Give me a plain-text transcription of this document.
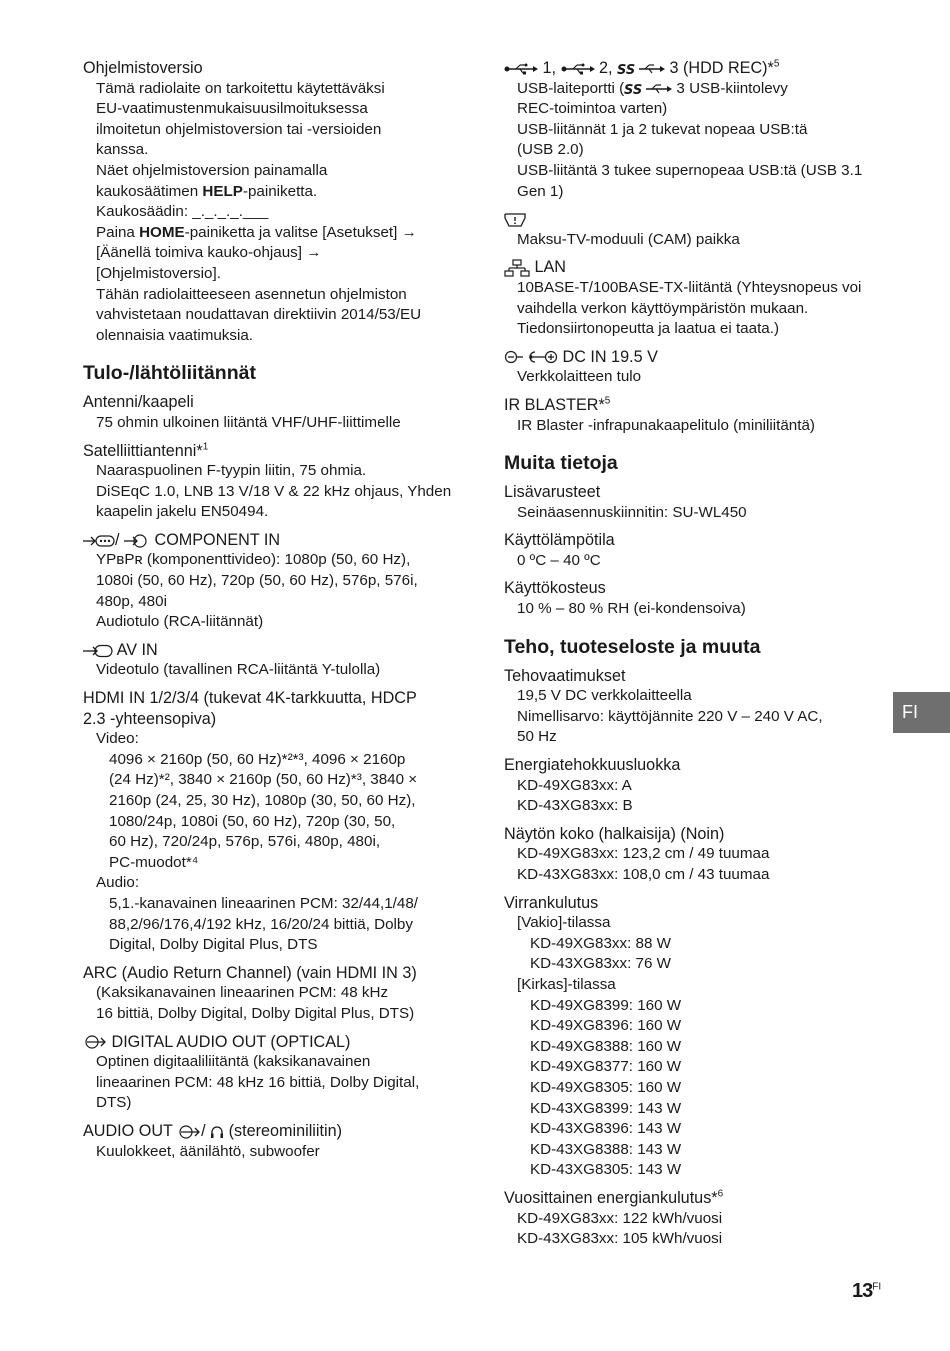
Ohjelmistoversio

Tämä radiolaite on tarkoitettu käytettäväksi

EU-vaatimustenmukaisuusilmoituksessa

ilmoitetun ohjelmistoversion tai -versioiden

kanssa.

Näet ohjelmistoversion painamalla

kaukosäätimen HELP-painiketta.

Kaukosäädin: _._._._.___

Paina HOME-painiketta ja valitse [Asetukset] →

[Äänellä toimiva kauko-ohjaus] →

[Ohjelmistoversio].

Tähän radiolaitteeseen asennetun ohjelmiston

vahvistetaan noudattavan direktiivin 2014/53/EU

olennaisia vaatimuksia.

Tulo-/lähtöliitännät
Antenni/kaapeli

75 ohmin ulkoinen liitäntä VHF/UHF-liittimelle

Satelliittiantenni*$^1$

Naaraspuolinen F-tyypin liitin, 75 ohmia.

DiSEqC 1.0, LNB 13 V/18 V & 22 kHz ohjaus, Yhden

kaapelin jakelu EN50494.

/  COMPONENT IN

YPʙPʀ (komponenttivideo): 1080p (50, 60 Hz),

1080i (50, 60 Hz), 720p (50, 60 Hz), 576p, 576i,

480p, 480i

Audiotulo (RCA-liitännät)

AV IN

Videotulo (tavallinen RCA-liitäntä Y-tulolla)

HDMI IN 1/2/3/4 (tukevat 4K-tarkkuutta, HDCP
2.3 -yhteensopiva)

Video:

4096 × 2160p (50, 60 Hz)*²*³, 4096 × 2160p

(24 Hz)*², 3840 × 2160p (50, 60 Hz)*³, 3840 ×

2160p (24, 25, 30 Hz), 1080p (30, 50, 60 Hz),

1080/24p, 1080i (50, 60 Hz), 720p (30, 50,

60 Hz), 720/24p, 576p, 576i, 480p, 480i,

PC-muodot*⁴

Audio:

5,1.-kanavainen lineaarinen PCM: 32/44,1/48/

88,2/96/176,4/192 kHz, 16/20/24 bittiä, Dolby

Digital, Dolby Digital Plus, DTS

ARC (Audio Return Channel) (vain HDMI IN 3)

(Kaksikanavainen lineaarinen PCM: 48 kHz

16 bittiä, Dolby Digital, Dolby Digital Plus, DTS)

DIGITAL AUDIO OUT (OPTICAL)

Optinen digitaaliliitäntä (kaksikanavainen

lineaarinen PCM: 48 kHz 16 bittiä, Dolby Digital,

DTS)

AUDIO OUT /  (stereominiliitin)

Kuulokkeet, äänilähtö, subwoofer

1,  2, SS 3 (HDD REC)*$^5$

USB-laiteportti ( SS 3 USB-kiintolevy

REC-toimintoa varten)

USB-liitännät 1 ja 2 tukevat nopeaa USB:tä

(USB 2.0)

USB-liitäntä 3 tukee supernopeaa USB:tä (USB 3.1

Gen 1)

Maksu-TV-moduuli (CAM) paikka

LAN

10BASE-T/100BASE-TX-liitäntä (Yhteysnopeus voi

vaihdella verkon käyttöympäristön mukaan.

Tiedonsiirtonopeutta ja laatua ei taata.)

DC IN 19.5 V

Verkkolaitteen tulo

IR BLASTER*$^5$

IR Blaster -infrapunakaapelitulo (miniliitäntä)

Muita tietoja
Lisävarusteet

Seinäasennuskiinnitin: SU-WL450

Käyttölämpötila

0 ºC – 40 ºC

Käyttökosteus

10 % – 80 % RH (ei-kondensoiva)

Teho, tuoteseloste ja muuta
Tehovaatimukset

19,5 V DC verkkolaitteella

Nimellisarvo: käyttöjännite 220 V – 240 V AC,

50 Hz

Energiatehokkuusluokka

KD-49XG83xx: A

KD-43XG83xx: B

Näytön koko (halkaisija) (Noin)

KD-49XG83xx: 123,2 cm / 49 tuumaa

KD-43XG83xx: 108,0 cm / 43 tuumaa

Virrankulutus

[Vakio]-tilassa

KD-49XG83xx: 88 W

KD-43XG83xx: 76 W

[Kirkas]-tilassa

KD-49XG8399: 160 W

KD-49XG8396: 160 W

KD-49XG8388: 160 W

KD-49XG8377: 160 W

KD-49XG8305: 160 W

KD-43XG8399: 143 W

KD-43XG8396: 143 W

KD-43XG8388: 143 W

KD-43XG8305: 143 W

Vuosittainen energiankulutus*$^6$

KD-49XG83xx: 122 kWh/vuosi

KD-43XG83xx: 105 kWh/vuosi

FI
$13^{FI}$
